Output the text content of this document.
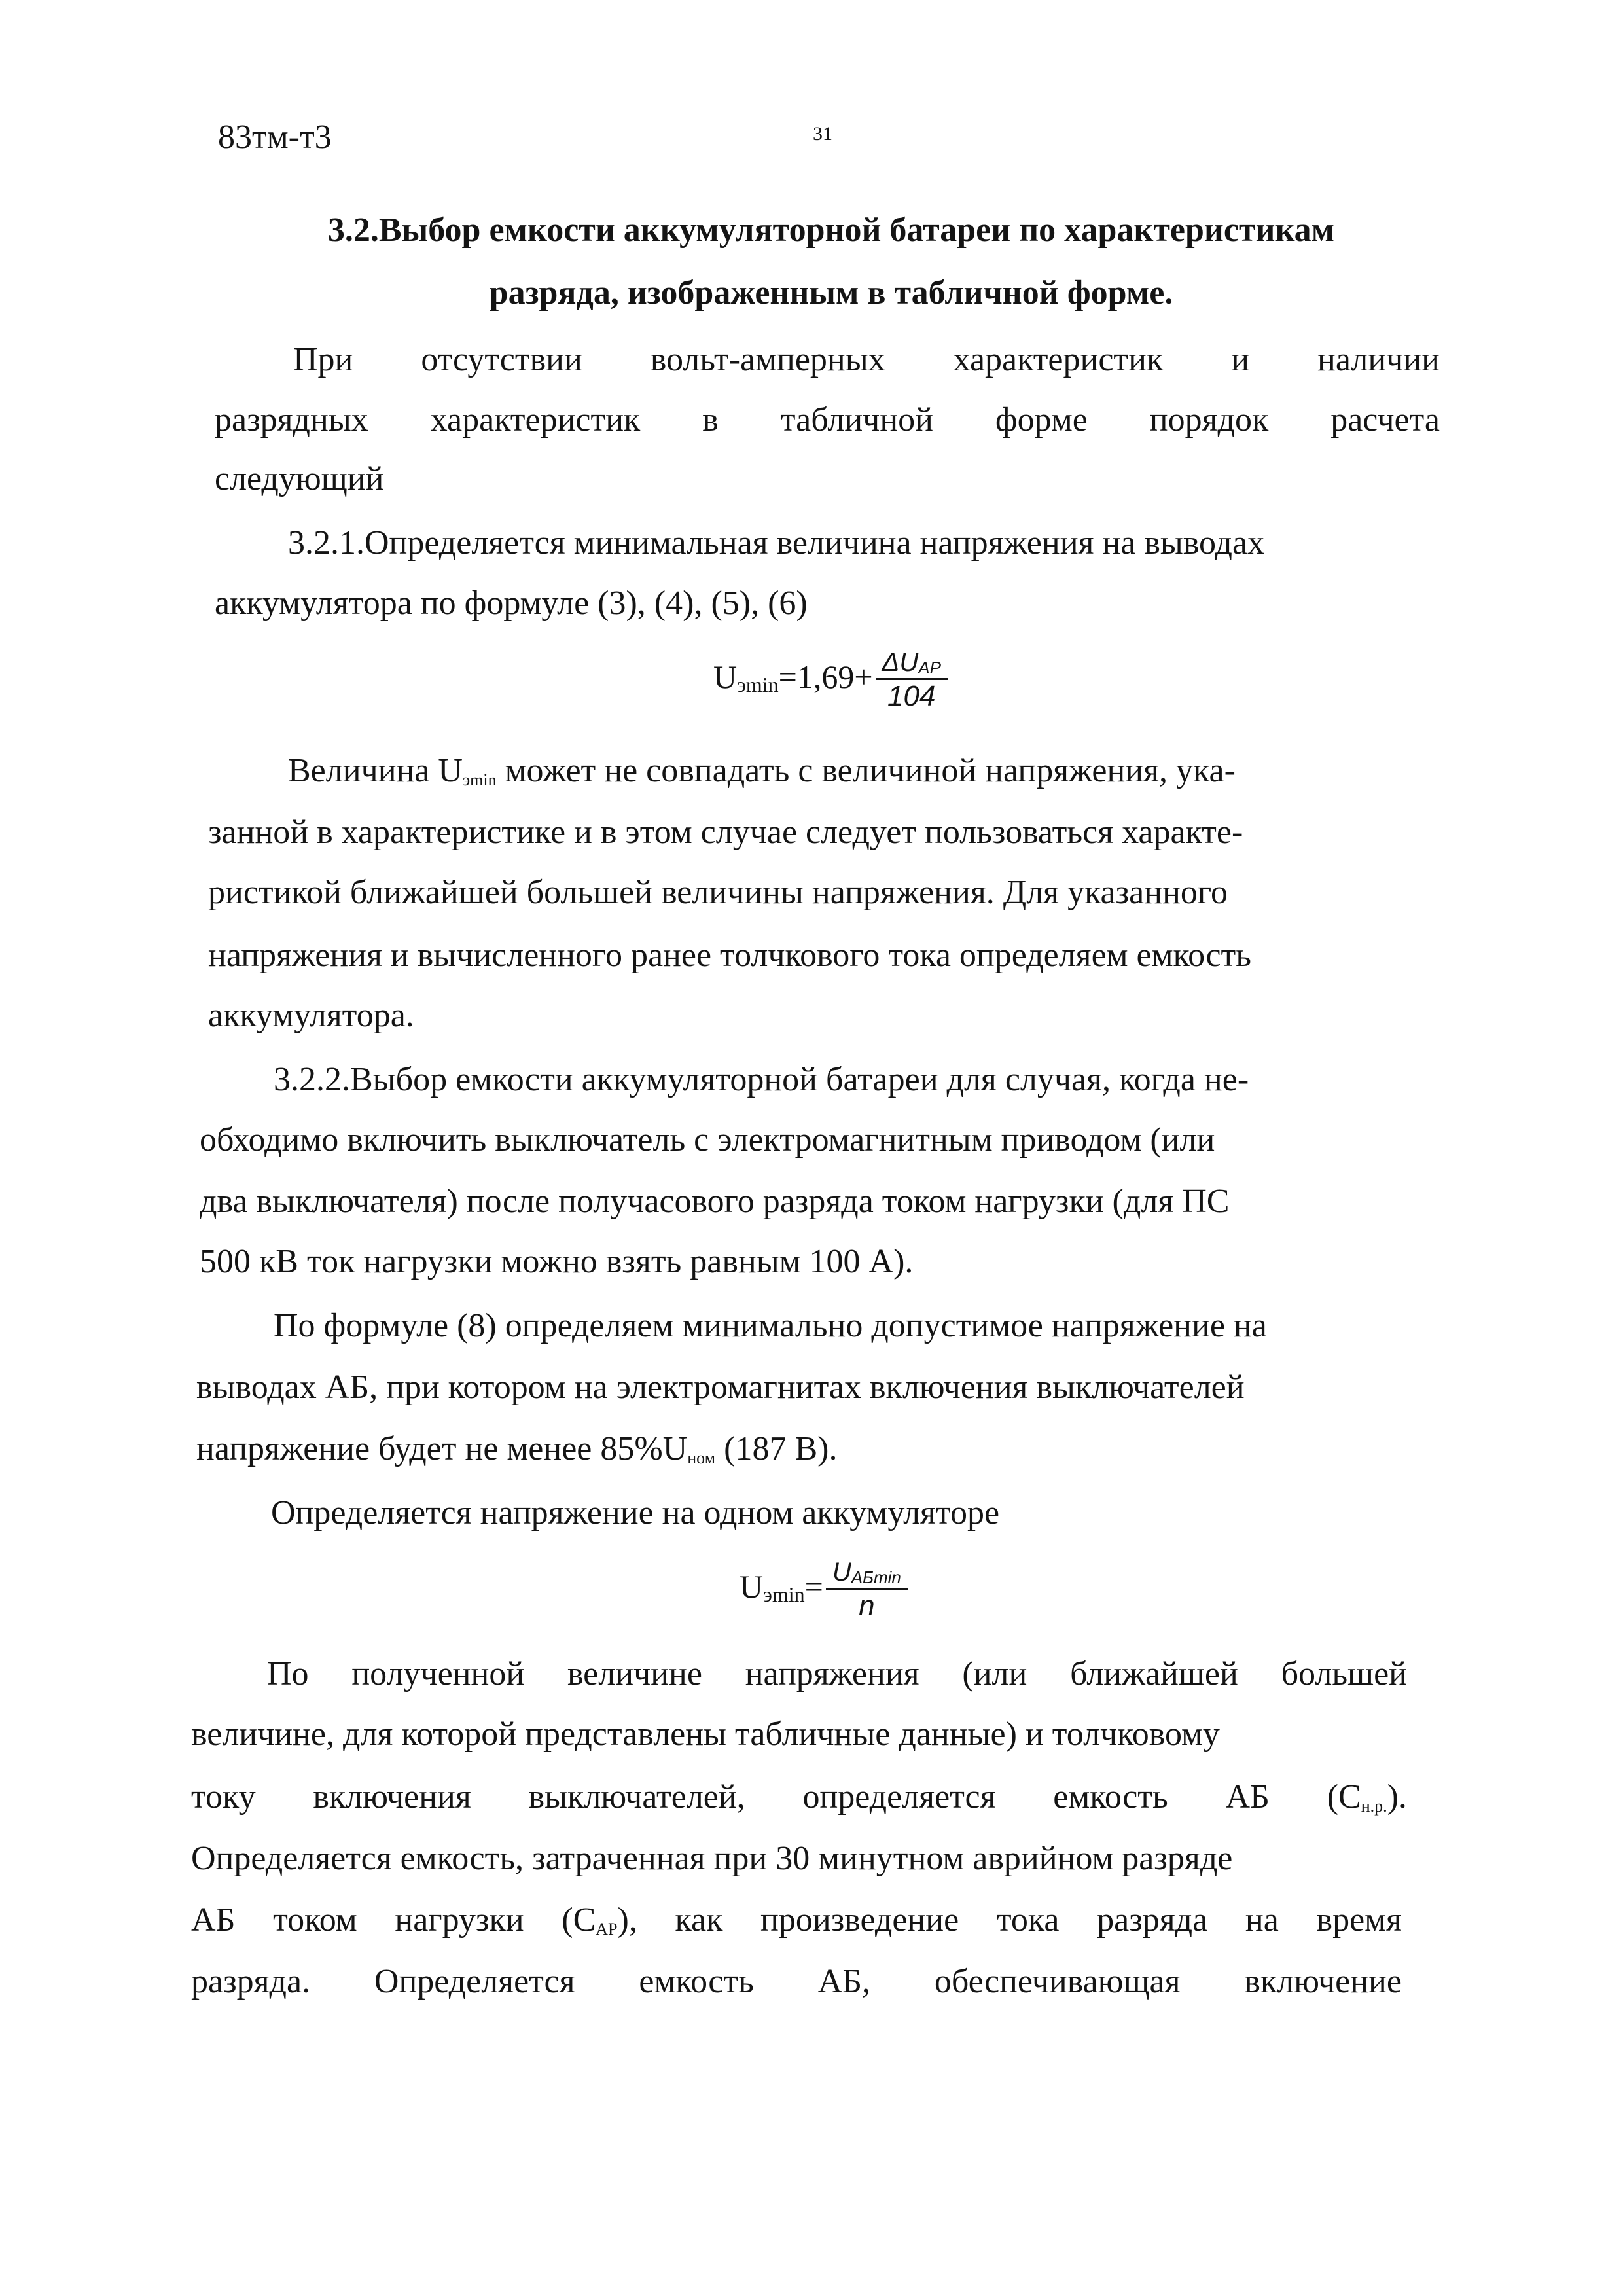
83тм-т3	31
3.2.Выбор емкости аккумуляторной батареи по характеристикам
разряда, изображенным в табличной форме.
При отсутствии вольт-амперных характеристик и наличии
разрядных характеристик в табличной форме порядок расчета
следующий
3.2.1.Определяется минимальная величина напряжения на выводах
аккумулятора по формуле (3), (4), (5), (6)
$Uэ\min=1,69+ \frac{\text{ΔUАР}}{104}$
Величина Uэmin может не совпадать с величиной напряжения, ука-
занной в характеристике и в этом случае следует пользоваться характе-
ристикой ближайшей большей величины напряжения. Для указанного
напряжения и вычисленного ранее толчкового тока определяем емкость
аккумулятора.
3.2.2.Выбор емкости аккумуляторной батареи для случая, когда не-
обходимо включить выключатель с электромагнитным приводом (или
два выключателя) после получасового разряда током нагрузки (для ПС
500 кВ ток нагрузки можно взять равным 100 А).
По формуле (8) определяем минимально допустимое напряжение на
выводах АБ, при котором на электромагнитах включения выключателей
напряжение будет не менее 85%Uном (187 В).
Определяется напряжение на одном аккумуляторе
$Uэ\min= \frac{\text{UАБmin}}{n}$
По полученной величине напряжения (или ближайшей большей
величине, для которой представлены табличные данные) и толчковому
току включения выключателей, определяется емкость АБ (Сн.р.).
Определяется емкость, затраченная при 30 минутном аврийном разряде
АБ током нагрузки (САР), как произведение тока разряда на время
разряда. Определяется емкость АБ, обеспечивающая включение
